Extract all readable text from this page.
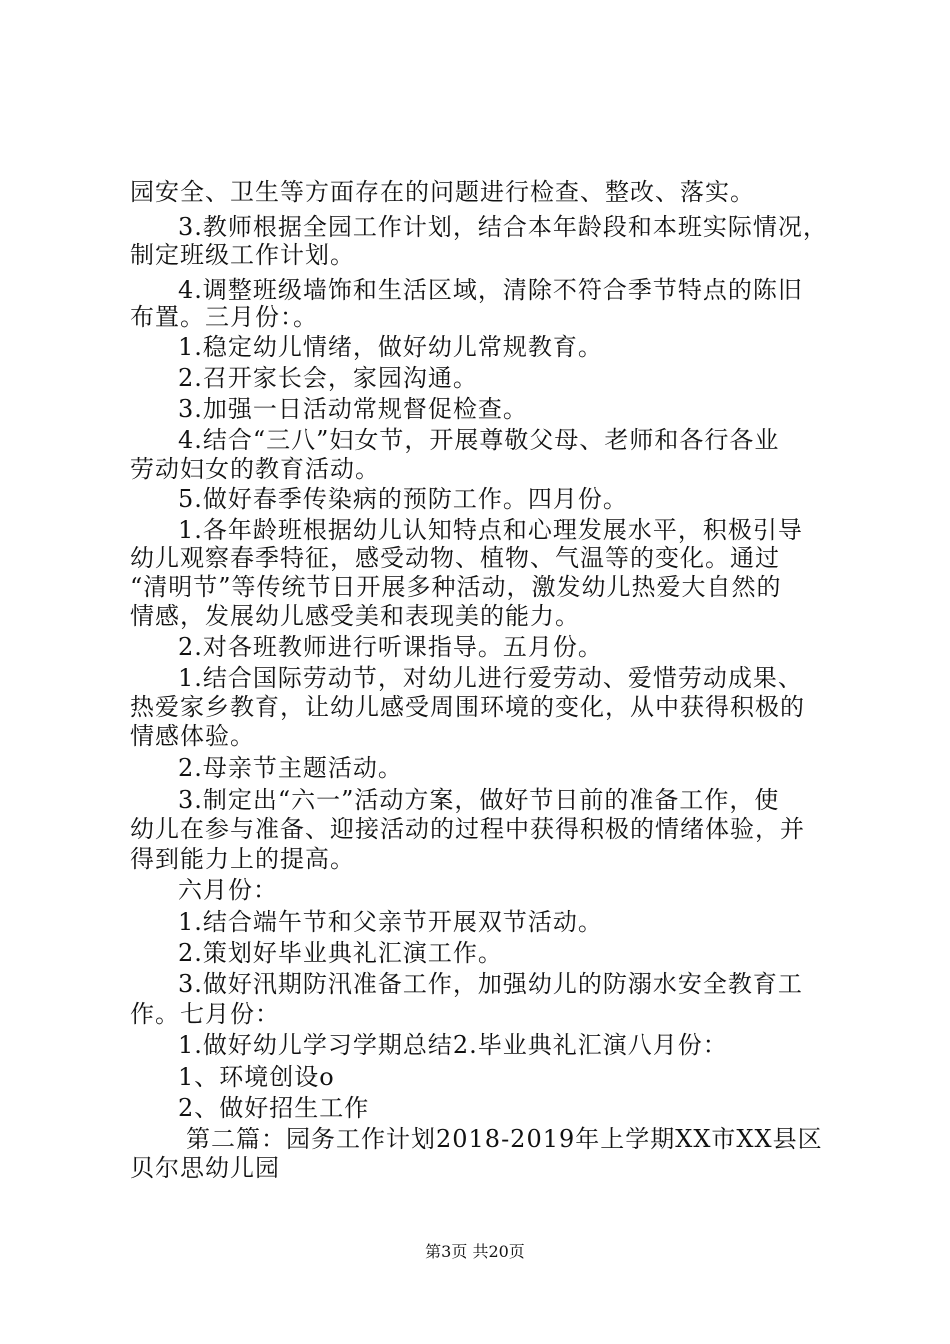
园安全、卫生等方面存在的问题进行检查、整改、落实。
3.教师根据全园工作计划，结合本年龄段和本班实际情况，
制定班级工作计划。
4.调整班级墙饰和生活区域，清除不符合季节特点的陈旧
布置。三月份：。
1.稳定幼儿情绪，做好幼儿常规教育。
2.召开家长会，家园沟通。
3.加强一日活动常规督促检查。
4.结合“三八”妇女节，开展尊敬父母、老师和各行各业
劳动妇女的教育活动。
5.做好春季传染病的预防工作。四月份。
1.各年龄班根据幼儿认知特点和心理发展水平，积极引导
幼儿观察春季特征，感受动物、植物、气温等的变化。通过
“清明节”等传统节日开展多种活动，激发幼儿热爱大自然的
情感，发展幼儿感受美和表现美的能力。
2.对各班教师进行听课指导。五月份。
1.结合国际劳动节，对幼儿进行爱劳动、爱惜劳动成果、
热爱家乡教育，让幼儿感受周围环境的变化，从中获得积极的
情感体验。
2.母亲节主题活动。
3.制定出“六一”活动方案，做好节日前的准备工作，使
幼儿在参与准备、迎接活动的过程中获得积极的情绪体验，并
得到能力上的提高。
六月份：
1.结合端午节和父亲节开展双节活动。
2.策划好毕业典礼汇演工作。
3.做好汛期防汛准备工作，加强幼儿的防溺水安全教育工
作。七月份：
1.做好幼儿学习学期总结2.毕业典礼汇演八月份：
1、环境创设o
2、做好招生工作
第二篇：园务工作计划2018-2019年上学期XX市XX县区
贝尔思幼儿园
第3页 共20页
